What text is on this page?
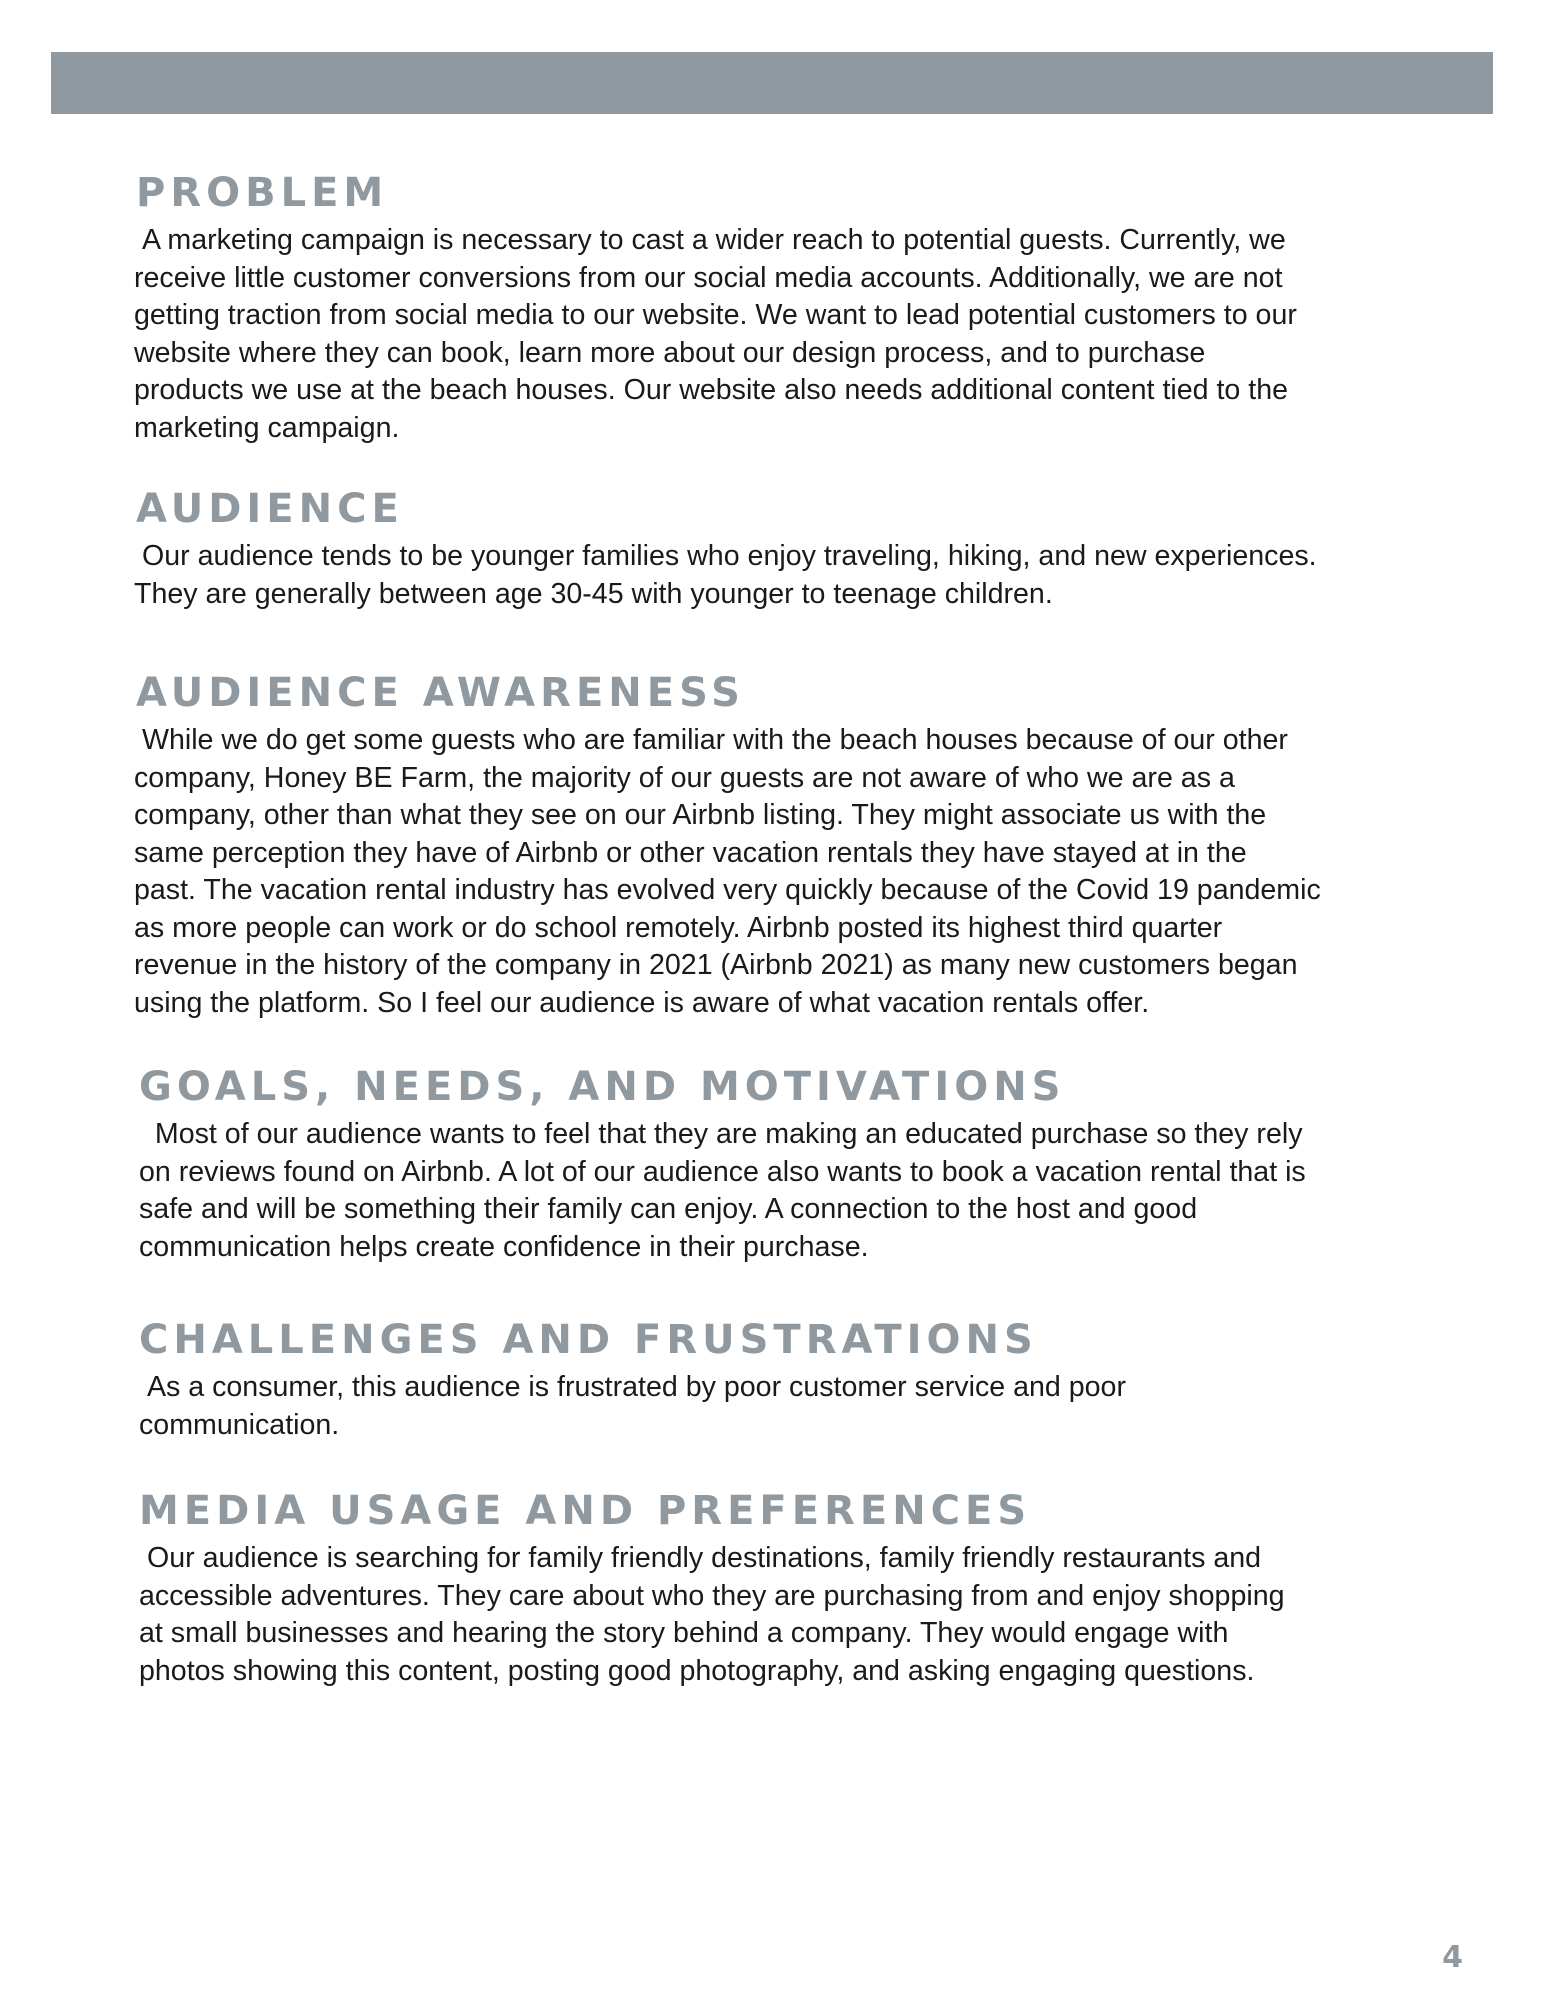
PROBLEM

A marketing campaign is necessary to cast a wider reach to potential guests. Currently, we
receive little customer conversions from our social media accounts. Additionally, we are not
getting traction from social media to our website. We want to lead potential customers to our
website where they can book, learn more about our design process, and to purchase
products we use at the beach houses. Our website also needs additional content tied to the
marketing campaign.

AUDIENCE

Our audience tends to be younger families who enjoy traveling, hiking, and new experiences.
They are generally between age 30-45 with younger to teenage children.

AUDIENCE AWARENESS

While we do get some guests who are familiar with the beach houses because of our other
company, Honey BE Farm, the majority of our guests are not aware of who we are as a
company, other than what they see on our Airbnb listing. They might associate us with the
same perception they have of Airbnb or other vacation rentals they have stayed at in the
past. The vacation rental industry has evolved very quickly because of the Covid 19 pandemic
as more people can work or do school remotely. Airbnb posted its highest third quarter
revenue in the history of the company in 2021 (Airbnb 2021) as many new customers began
using the platform. So I feel our audience is aware of what vacation rentals offer.

GOALS, NEEDS, AND MOTIVATIONS

Most of our audience wants to feel that they are making an educated purchase so they rely
on reviews found on Airbnb. A lot of our audience also wants to book a vacation rental that is
safe and will be something their family can enjoy. A connection to the host and good
communication helps create confidence in their purchase.

CHALLENGES AND FRUSTRATIONS

As a consumer, this audience is frustrated by poor customer service and poor
communication.

MEDIA USAGE AND PREFERENCES

Our audience is searching for family friendly destinations, family friendly restaurants and
accessible adventures. They care about who they are purchasing from and enjoy shopping
at small businesses and hearing the story behind a company. They would engage with
photos showing this content, posting good photography, and asking engaging questions.

4
